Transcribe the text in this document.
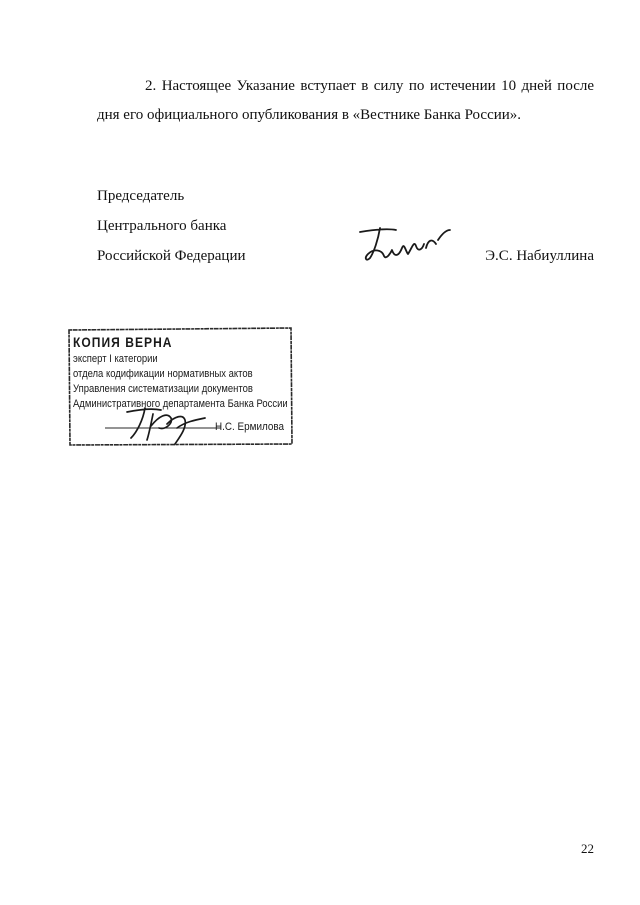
2. Настоящее Указание вступает в силу по истечении 10 дней после дня его официального опубликования в «Вестнике Банка России».
Председатель
Центрального банка
Российской Федерации	Э.С. Набиуллина
КОПИЯ ВЕРНА
эксперт I категории
отдела кодификации нормативных актов
Управления систематизации документов
Административного департамента Банка России
Н.С. Ермилова
22
